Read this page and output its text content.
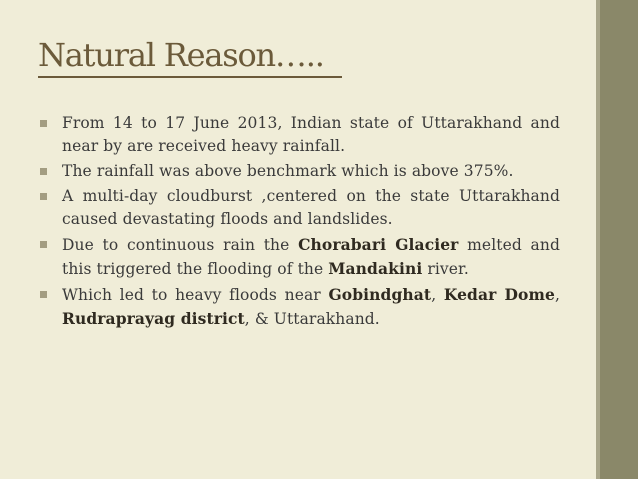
Natural Reason…..
From 14 to 17 June 2013, Indian state of Uttarakhand and near by are received heavy rainfall.
The rainfall was above benchmark which is above 375%.
A multi-day cloudburst ,centered on the state Uttarakhand caused devastating floods and landslides.
Due to continuous rain the Chorabari Glacier melted and this triggered the flooding of the Mandakini river.
Which led to heavy floods near Gobindghat, Kedar Dome, Rudraprayag district, & Uttarakhand.
